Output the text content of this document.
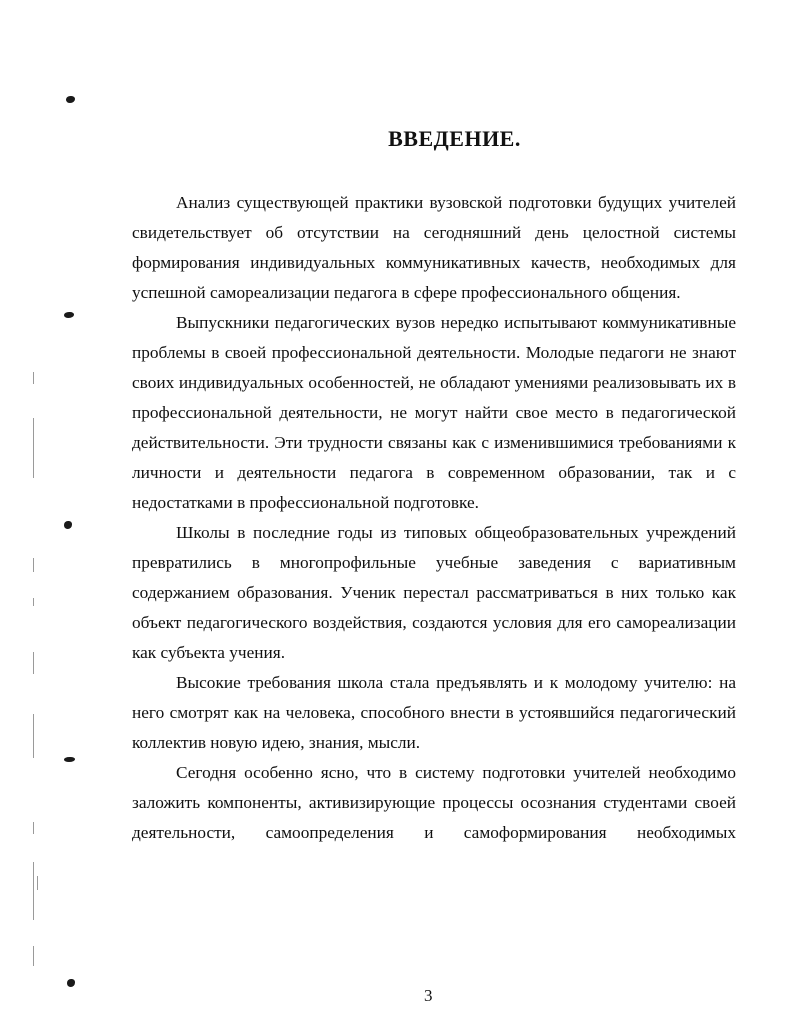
ВВЕДЕНИЕ.

Анализ существующей практики вузовской подготовки будущих учителей свидетельствует об отсутствии на сегодняшний день целостной системы формирования индивидуальных коммуникативных качеств, необходимых для успешной самореализации педагога в сфере профессионального общения.

Выпускники педагогических вузов нередко испытывают коммуникативные проблемы в своей профессиональной деятельности. Молодые педагоги не знают своих индивидуальных особенностей, не обладают умениями реализовывать их в профессиональной деятельности, не могут найти свое место в педагогической действительности. Эти трудности связаны как с изменившимися требованиями к личности и деятельности педагога в современном образовании, так и с недостатками в профессиональной подготовке.

Школы в последние годы из типовых общеобразовательных учреждений превратились в многопрофильные учебные заведения с вариативным содержанием образования. Ученик перестал рассматриваться в них только как объект педагогического воздействия, создаются условия для его самореализации как субъекта учения.

Высокие требования школа стала предъявлять и к молодому учителю: на него смотрят как на человека, способного внести в устоявшийся педагогический коллектив новую идею, знания, мысли.

Сегодня особенно ясно, что в систему подготовки учителей необходимо заложить компоненты, активизирующие процессы осознания студентами своей деятельности, самоопределения и самоформирования необходимых

3
